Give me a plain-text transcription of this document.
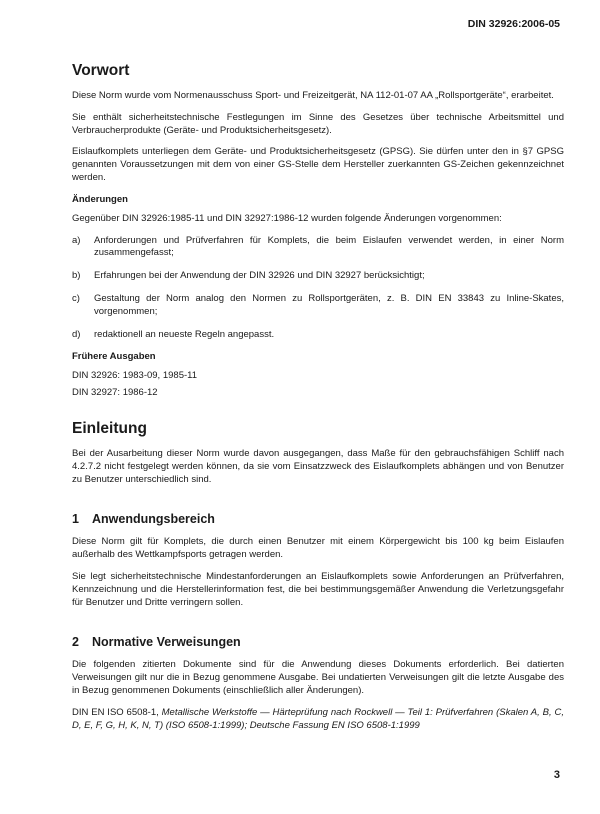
DIN 32926:2006-05
Vorwort

Diese Norm wurde vom Normenausschuss Sport- und Freizeitgerät, NA 112-01-07 AA „Rollsportgeräte“, erarbeitet.

Sie enthält sicherheitstechnische Festlegungen im Sinne des Gesetzes über technische Arbeitsmittel und Verbraucherprodukte (Geräte- und Produktsicherheitsgesetz).

Eislaufkomplets unterliegen dem Geräte- und Produktsicherheitsgesetz (GPSG). Sie dürfen unter den in §7 GPSG genannten Voraussetzungen mit dem von einer GS-Stelle dem Hersteller zuerkannten GS-Zeichen gekennzeichnet werden.

Änderungen

Gegenüber DIN 32926:1985-11 und DIN 32927:1986-12 wurden folgende Änderungen vorgenommen:

a)	Anforderungen und Prüfverfahren für Komplets, die beim Eislaufen verwendet werden, in einer Norm zusammengefasst;
b)	Erfahrungen bei der Anwendung der DIN 32926 und DIN 32927 berücksichtigt;
c)	Gestaltung der Norm analog den Normen zu Rollsportgeräten, z. B. DIN EN 33843 zu Inline-Skates, vorgenommen;
d)	redaktionell an neueste Regeln angepasst.
Frühere Ausgaben

DIN 32926: 1983-09, 1985-11

DIN 32927: 1986-12

Einleitung

Bei der Ausarbeitung dieser Norm wurde davon ausgegangen, dass Maße für den gebrauchsfähigen Schliff nach 4.2.7.2 nicht festgelegt werden können, da sie vom Einsatzzweck des Eislaufkomplets abhängen und von Benutzer zu Benutzer unterschiedlich sind.

1 Anwendungsbereich

Diese Norm gilt für Komplets, die durch einen Benutzer mit einem Körpergewicht bis 100 kg beim Eislaufen außerhalb des Wettkampfsports getragen werden.

Sie legt sicherheitstechnische Mindestanforderungen an Eislaufkomplets sowie Anforderungen an Prüfverfahren, Kennzeichnung und die Herstellerinformation fest, die bei bestimmungsgemäßer Anwendung die Verletzungsgefahr für Benutzer und Dritte verringern sollen.

2 Normative Verweisungen

Die folgenden zitierten Dokumente sind für die Anwendung dieses Dokuments erforderlich. Bei datierten Verweisungen gilt nur die in Bezug genommene Ausgabe. Bei undatierten Verweisungen gilt die letzte Ausgabe des in Bezug genommenen Dokuments (einschließlich aller Änderungen).

DIN EN ISO 6508-1, Metallische Werkstoffe — Härteprüfung nach Rockwell — Teil 1: Prüfverfahren (Skalen A, B, C, D, E, F, G, H, K, N, T) (ISO 6508-1:1999); Deutsche Fassung EN ISO 6508-1:1999

3
